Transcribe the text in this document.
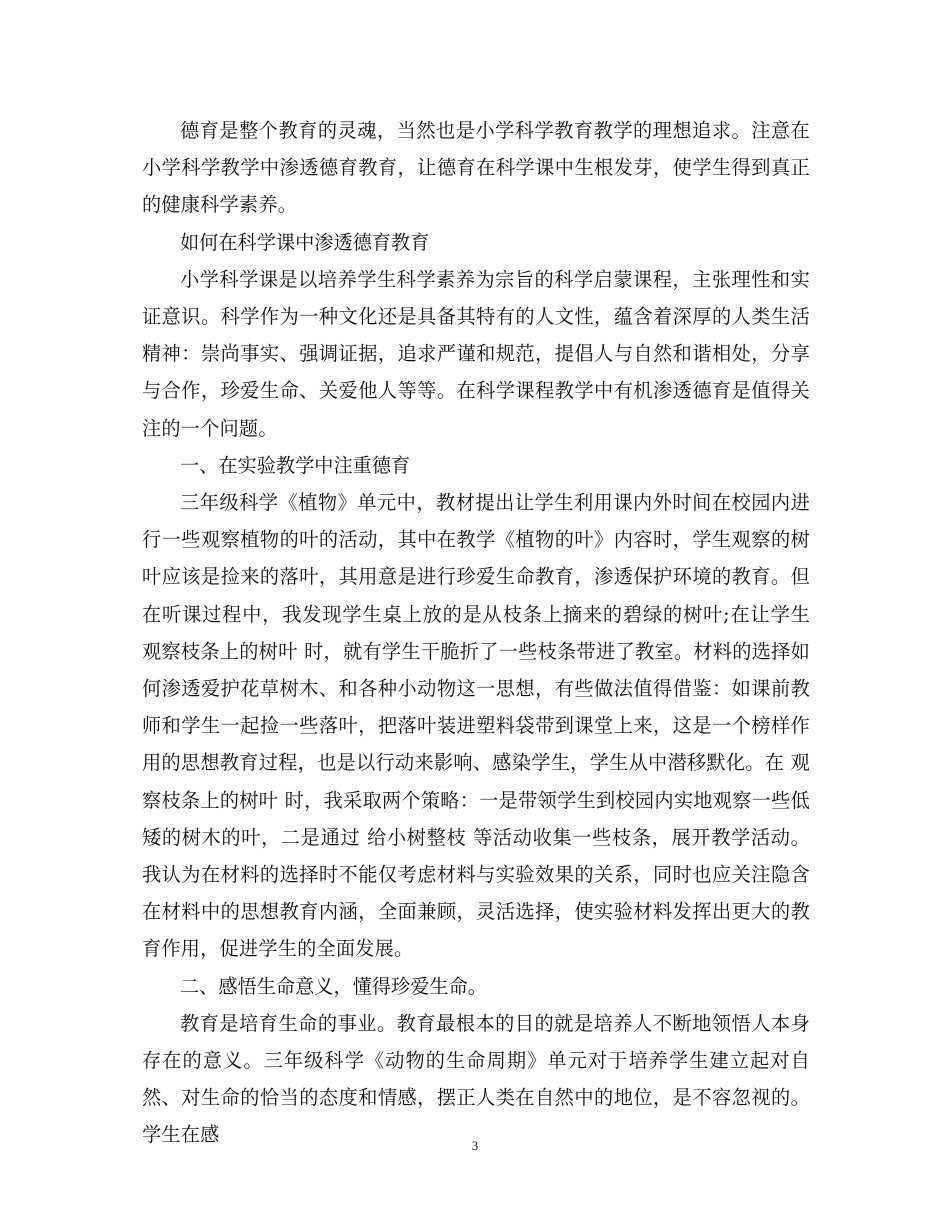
德育是整个教育的灵魂，当然也是小学科学教育教学的理想追求。注意在小学科学教学中渗透德育教育，让德育在科学课中生根发芽，使学生得到真正的健康科学素养。

如何在科学课中渗透德育教育

小学科学课是以培养学生科学素养为宗旨的科学启蒙课程，主张理性和实证意识。科学作为一种文化还是具备其特有的人文性，蕴含着深厚的人类生活精神：崇尚事实、强调证据，追求严谨和规范，提倡人与自然和谐相处，分享与合作，珍爱生命、关爱他人等等。在科学课程教学中有机渗透德育是值得关注的一个问题。

一、在实验教学中注重德育

三年级科学《植物》单元中，教材提出让学生利用课内外时间在校园内进行一些观察植物的叶的活动，其中在教学《植物的叶》内容时，学生观察的树叶应该是捡来的落叶，其用意是进行珍爱生命教育，渗透保护环境的教育。但在听课过程中，我发现学生桌上放的是从枝条上摘来的碧绿的树叶;在让学生 观察枝条上的树叶 时，就有学生干脆折了一些枝条带进了教室。材料的选择如何渗透爱护花草树木、和各种小动物这一思想，有些做法值得借鉴：如课前教师和学生一起捡一些落叶，把落叶装进塑料袋带到课堂上来，这是一个榜样作用的思想教育过程，也是以行动来影响、感染学生，学生从中潜移默化。在 观察枝条上的树叶 时，我采取两个策略：一是带领学生到校园内实地观察一些低矮的树木的叶，二是通过 给小树整枝 等活动收集一些枝条，展开教学活动。我认为在材料的选择时不能仅考虑材料与实验效果的关系，同时也应关注隐含在材料中的思想教育内涵，全面兼顾，灵活选择，使实验材料发挥出更大的教育作用，促进学生的全面发展。

二、感悟生命意义，懂得珍爱生命。

教育是培育生命的事业。教育最根本的目的就是培养人不断地领悟人本身存在的意义。三年级科学《动物的生命周期》单元对于培养学生建立起对自然、对生命的恰当的态度和情感，摆正人类在自然中的地位，是不容忽视的。学生在感	3
